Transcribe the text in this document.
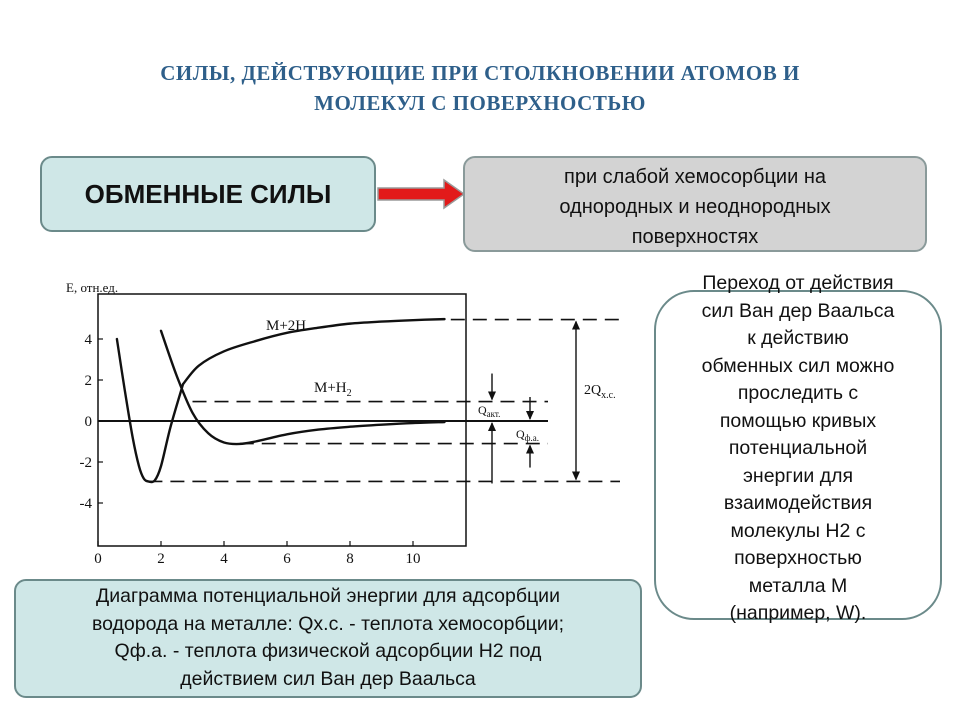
СИЛЫ, ДЕЙСТВУЮЩИЕ ПРИ СТОЛКНОВЕНИИ АТОМОВ И
МОЛЕКУЛ С ПОВЕРХНОСТЬЮ
ОБМЕННЫЕ СИЛЫ
при слабой хемосорбции на
однородных и неоднородных
поверхностях
Переход от действия
сил Ван дер Ваальса
к действию
обменных сил можно
проследить с
помощью кривых
потенциальной
энергии для
взаимодействия
молекулы Н2 с
поверхностью
металла М
(например, W).
0	2	4	6	8	10
4
2
0
-2
-4
E, отн.ед.
M+2H
$M+H_2$
$Q_{акт.}$
$Q_{ф.а.}$
$2Q_{х.с.}$
Диаграмма потенциальной энергии для адсорбции
водорода на металле: Qх.с. - теплота хемосорбции;
Qф.а. - теплота физической адсорбции Н2 под
действием сил Ван дер Ваальса
